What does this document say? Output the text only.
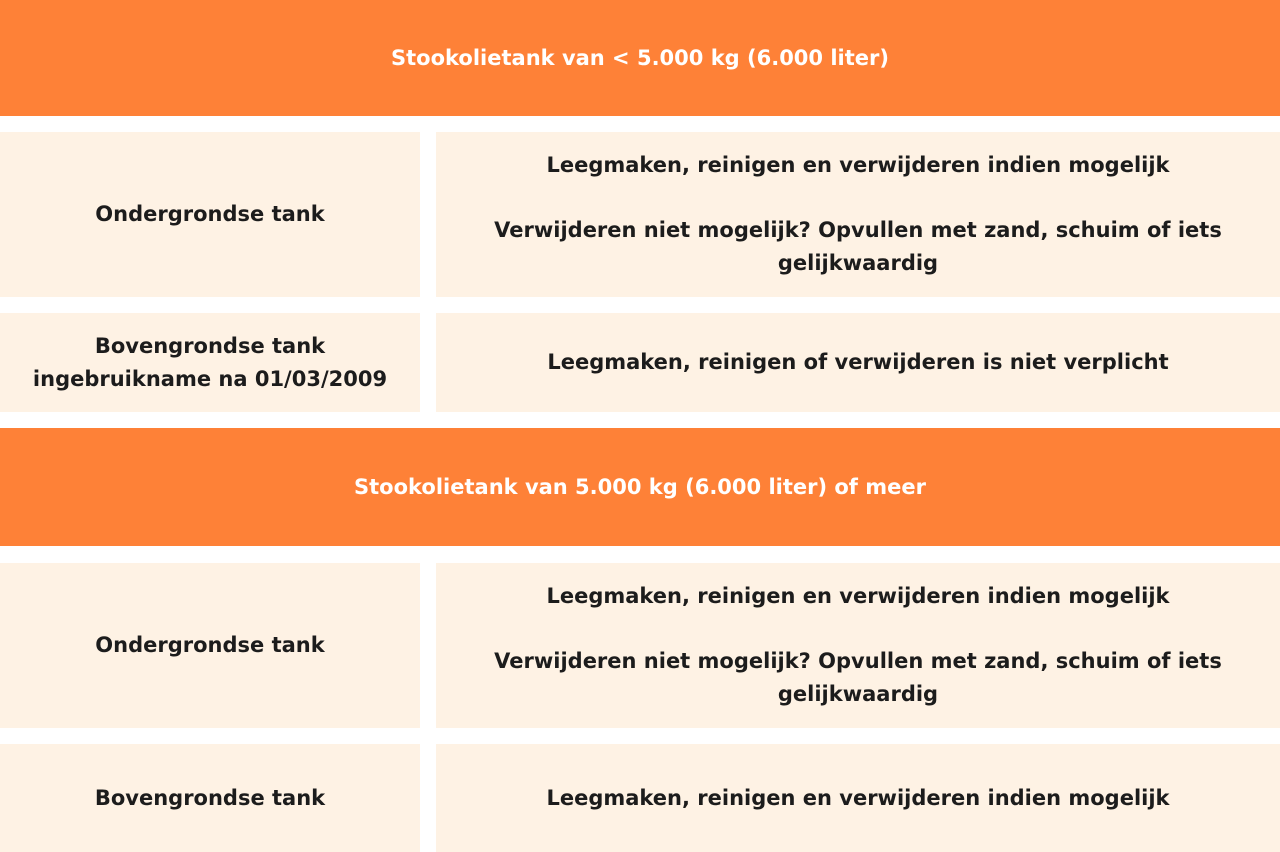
Stookolietank van < 5.000 kg (6.000 liter)
Ondergrondse tank
Leegmaken, reinigen en verwijderen indien mogelijk
Verwijderen niet mogelijk? Opvullen met zand, schuim of iets gelijkwaardig
Bovengrondse tank
ingebruikname na 01/03/2009
Leegmaken, reinigen of verwijderen is niet verplicht
Stookolietank van 5.000 kg (6.000 liter) of meer
Ondergrondse tank
Leegmaken, reinigen en verwijderen indien mogelijk
Verwijderen niet mogelijk? Opvullen met zand, schuim of iets gelijkwaardig
Bovengrondse tank	Leegmaken, reinigen en verwijderen indien mogelijk
